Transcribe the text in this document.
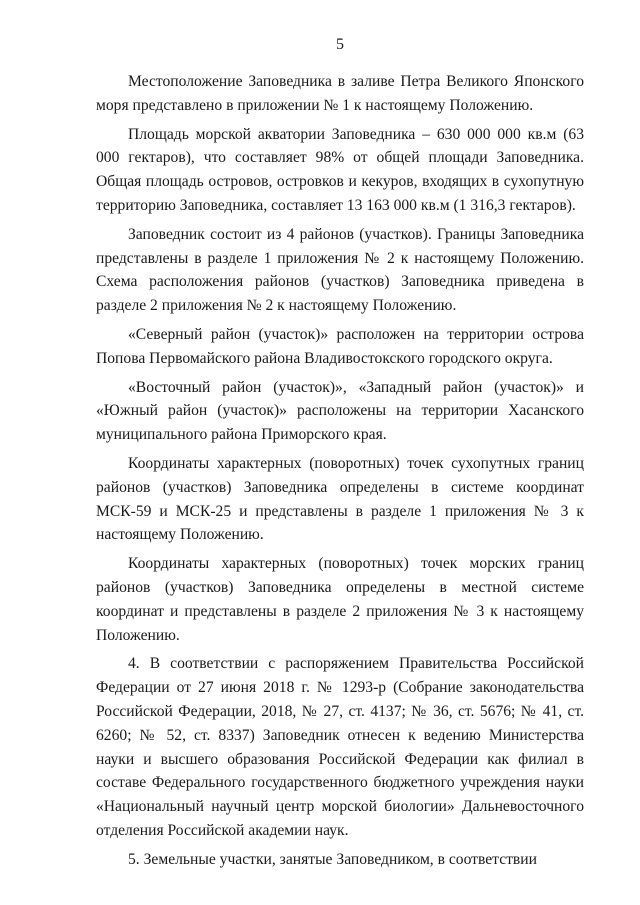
5

Местоположение Заповедника в заливе Петра Великого Японского моря представлено в приложении № 1 к настоящему Положению.

Площадь морской акватории Заповедника – 630 000 000 кв.м (63 000 гектаров), что составляет 98% от общей площади Заповедника. Общая площадь островов, островков и кекуров, входящих в сухопутную территорию Заповедника, составляет 13 163 000 кв.м (1 316,3 гектаров).

Заповедник состоит из 4 районов (участков). Границы Заповедника представлены в разделе 1 приложения № 2 к настоящему Положению. Схема расположения районов (участков) Заповедника приведена в разделе 2 приложения № 2 к настоящему Положению.

«Северный район (участок)» расположен на территории острова Попова Первомайского района Владивостокского городского округа.

«Восточный район (участок)», «Западный район (участок)» и «Южный район (участок)» расположены на территории Хасанского муниципального района Приморского края.

Координаты характерных (поворотных) точек сухопутных границ районов (участков) Заповедника определены в системе координат МСК-59 и МСК-25 и представлены в разделе 1 приложения № 3 к настоящему Положению.

Координаты характерных (поворотных) точек морских границ районов (участков) Заповедника определены в местной системе координат и представлены в разделе 2 приложения № 3 к настоящему Положению.

4. В соответствии с распоряжением Правительства Российской Федерации от 27 июня 2018 г. № 1293-р (Собрание законодательства Российской Федерации, 2018, № 27, ст. 4137; № 36, ст. 5676; № 41, ст. 6260; № 52, ст. 8337) Заповедник отнесен к ведению Министерства науки и высшего образования Российской Федерации как филиал в составе Федерального государственного бюджетного учреждения науки «Национальный научный центр морской биологии» Дальневосточного отделения Российской академии наук.

5. Земельные участки, занятые Заповедником, в соответствии
